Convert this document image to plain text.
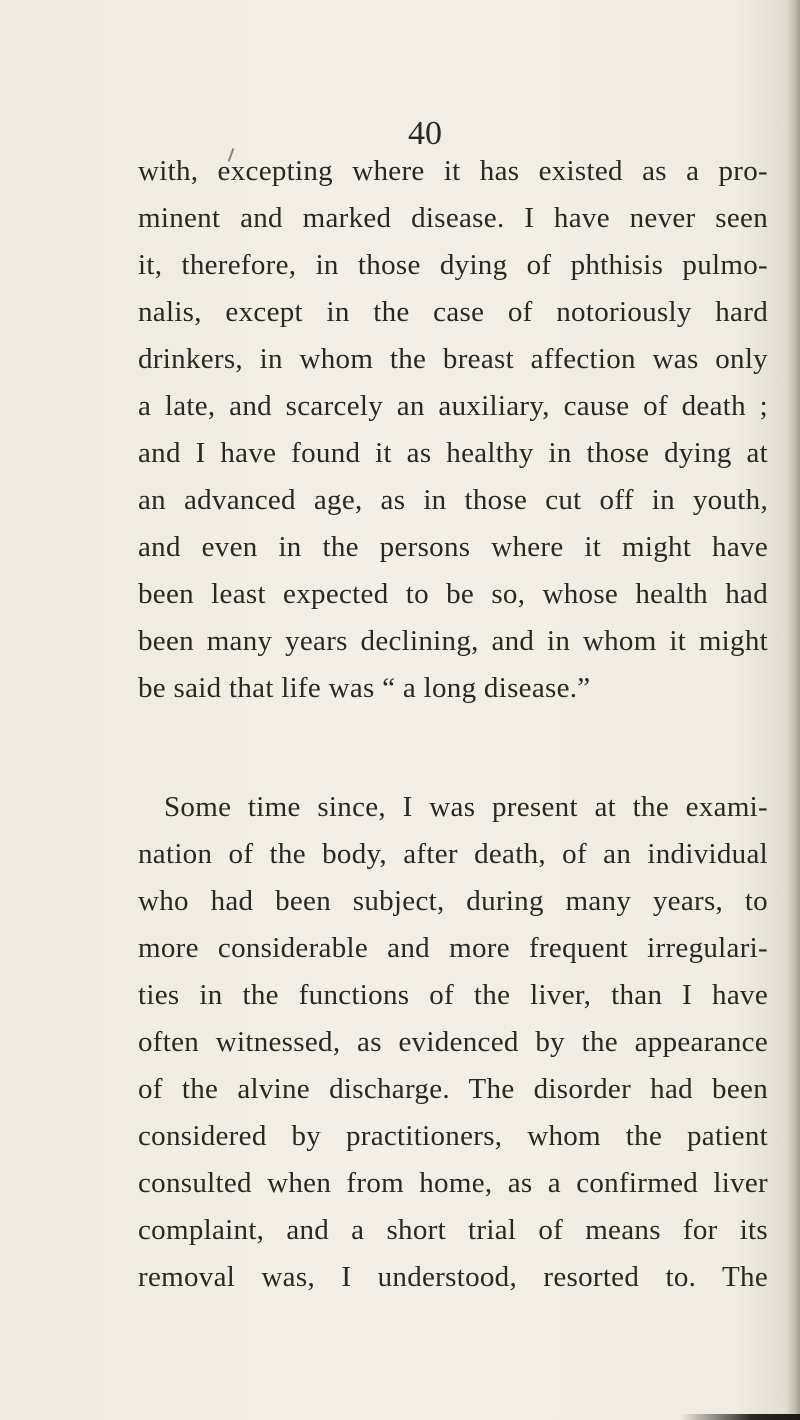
40
with, excepting where it has existed as a pro-
minent and marked disease. I have never seen
it, therefore, in those dying of phthisis pulmo-
nalis, except in the case of notoriously hard
drinkers, in whom the breast affection was only
a late, and scarcely an auxiliary, cause of death ;
and I have found it as healthy in those dying at
an advanced age, as in those cut off in youth,
and even in the persons where it might have
been least expected to be so, whose health had
been many years declining, and in whom it might
be said that life was “ a long disease.”
Some time since, I was present at the exami-
nation of the body, after death, of an individual
who had been subject, during many years, to
more considerable and more frequent irregulari-
ties in the functions of the liver, than I have
often witnessed, as evidenced by the appearance
of the alvine discharge. The disorder had been
considered by practitioners, whom the patient
consulted when from home, as a confirmed liver
complaint, and a short trial of means for its
removal was, I understood, resorted to. The
